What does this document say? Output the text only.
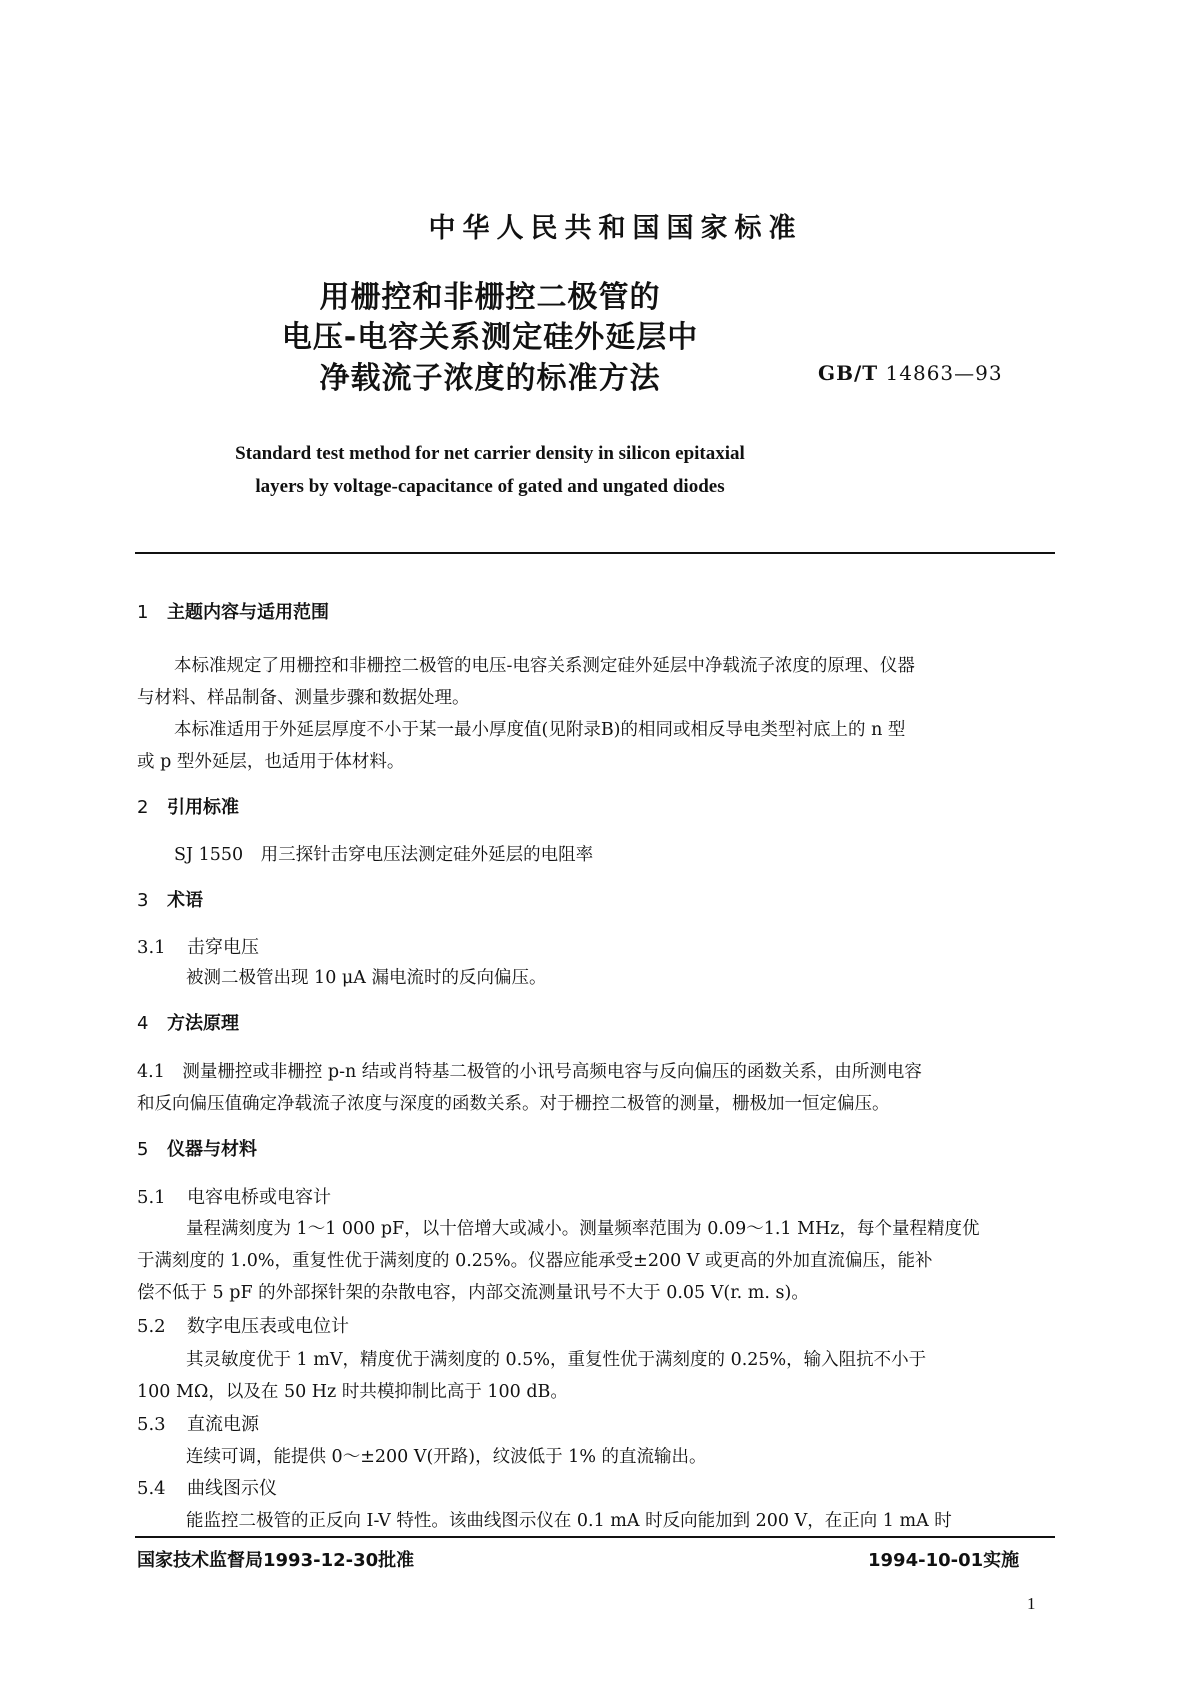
中华人民共和国国家标准
用栅控和非栅控二极管的
电压-电容关系测定硅外延层中
净载流子浓度的标准方法	GB/T 14863—93
Standard test method for net carrier density in silicon epitaxial
layers by voltage-capacitance of gated and ungated diodes
1 主题内容与适用范围
本标准规定了用栅控和非栅控二极管的电压-电容关系测定硅外延层中净载流子浓度的原理、仪器
与材料、样品制备、测量步骤和数据处理。
本标准适用于外延层厚度不小于某一最小厚度值(见附录B)的相同或相反导电类型衬底上的 n 型
或 p 型外延层，也适用于体材料。
2 引用标准
SJ 1550　用三探针击穿电压法测定硅外延层的电阻率
3 术语
3.1 击穿电压
被测二极管出现 10 μA 漏电流时的反向偏压。
4 方法原理
4.1　测量栅控或非栅控 p-n 结或肖特基二极管的小讯号高频电容与反向偏压的函数关系，由所测电容
和反向偏压值确定净载流子浓度与深度的函数关系。对于栅控二极管的测量，栅极加一恒定偏压。
5 仪器与材料
5.1 电容电桥或电容计
量程满刻度为 1～1 000 pF，以十倍增大或减小。测量频率范围为 0.09～1.1 MHz，每个量程精度优
于满刻度的 1.0%，重复性优于满刻度的 0.25%。仪器应能承受±200 V 或更高的外加直流偏压，能补
偿不低于 5 pF 的外部探针架的杂散电容，内部交流测量讯号不大于 0.05 V(r. m. s)。
5.2 数字电压表或电位计
其灵敏度优于 1 mV，精度优于满刻度的 0.5%，重复性优于满刻度的 0.25%，输入阻抗不小于
100 MΩ，以及在 50 Hz 时共模抑制比高于 100 dB。
5.3 直流电源
连续可调，能提供 0～±200 V(开路)，纹波低于 1% 的直流输出。
5.4 曲线图示仪
能监控二极管的正反向 I-V 特性。该曲线图示仪在 0.1 mA 时反向能加到 200 V，在正向 1 mA 时
国家技术监督局1993-12-30批准	1994-10-01实施
1
